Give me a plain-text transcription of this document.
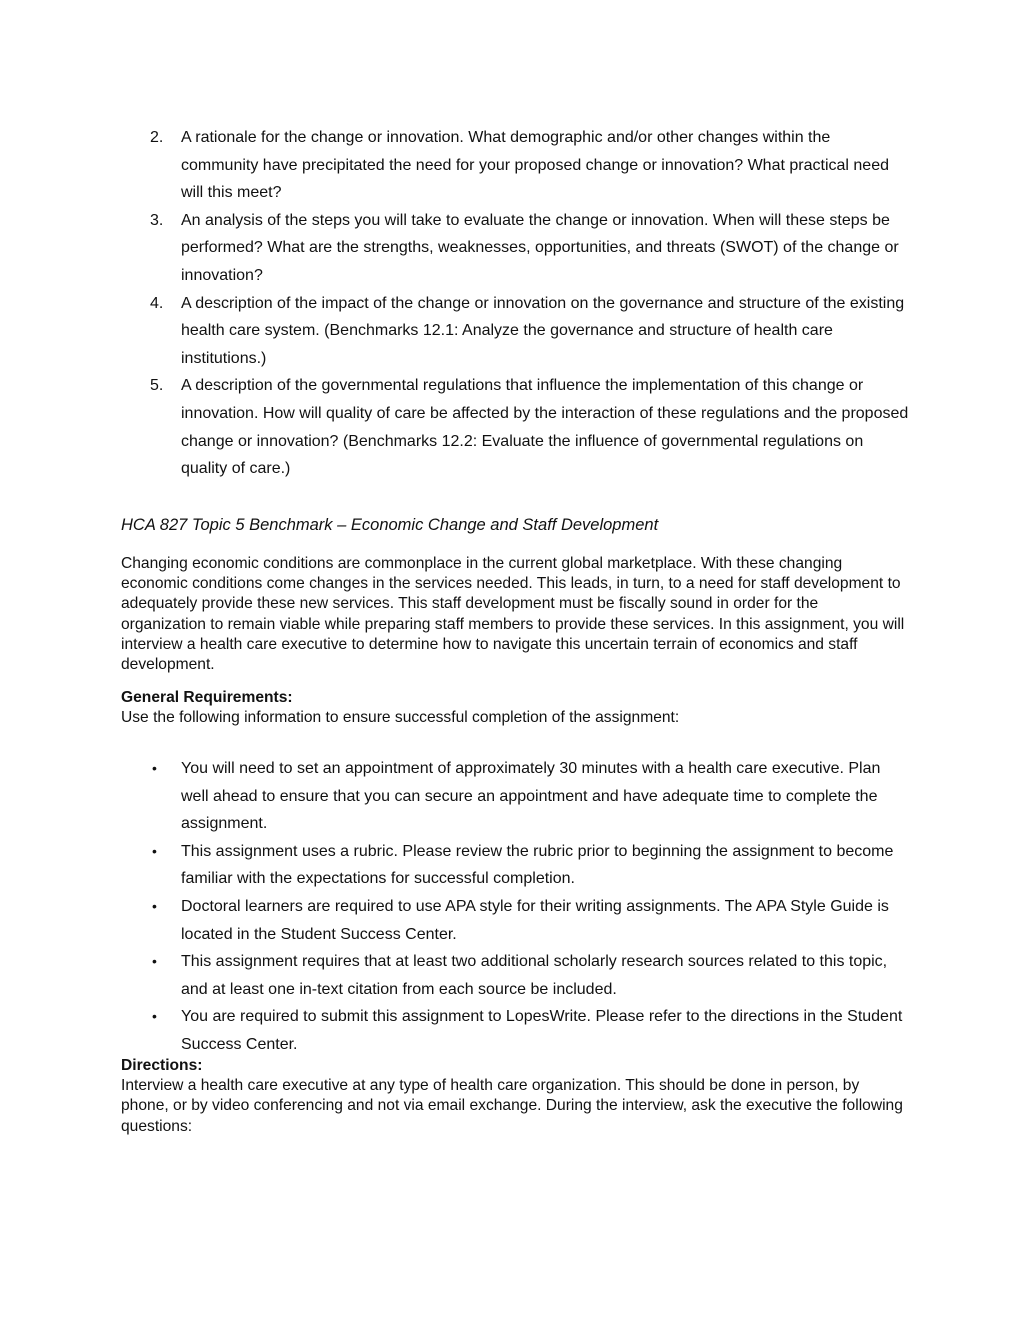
2. A rationale for the change or innovation. What demographic and/or other changes within the community have precipitated the need for your proposed change or innovation? What practical need will this meet?
3. An analysis of the steps you will take to evaluate the change or innovation. When will these steps be performed? What are the strengths, weaknesses, opportunities, and threats (SWOT) of the change or innovation?
4. A description of the impact of the change or innovation on the governance and structure of the existing health care system. (Benchmarks 12.1: Analyze the governance and structure of health care institutions.)
5. A description of the governmental regulations that influence the implementation of this change or innovation. How will quality of care be affected by the interaction of these regulations and the proposed change or innovation? (Benchmarks 12.2: Evaluate the influence of governmental regulations on quality of care.)
HCA 827 Topic 5 Benchmark – Economic Change and Staff Development

Changing economic conditions are commonplace in the current global marketplace. With these changing economic conditions come changes in the services needed. This leads, in turn, to a need for staff development to adequately provide these new services. This staff development must be fiscally sound in order for the organization to remain viable while preparing staff members to provide these services. In this assignment, you will interview a health care executive to determine how to navigate this uncertain terrain of economics and staff development.

General Requirements:
Use the following information to ensure successful completion of the assignment:

• You will need to set an appointment of approximately 30 minutes with a health care executive. Plan well ahead to ensure that you can secure an appointment and have adequate time to complete the assignment.
• This assignment uses a rubric. Please review the rubric prior to beginning the assignment to become familiar with the expectations for successful completion.
• Doctoral learners are required to use APA style for their writing assignments. The APA Style Guide is located in the Student Success Center.
• This assignment requires that at least two additional scholarly research sources related to this topic, and at least one in-text citation from each source be included.
• You are required to submit this assignment to LopesWrite. Please refer to the directions in the Student Success Center.

Directions:
Interview a health care executive at any type of health care organization. This should be done in person, by phone, or by video conferencing and not via email exchange. During the interview, ask the executive the following questions:
